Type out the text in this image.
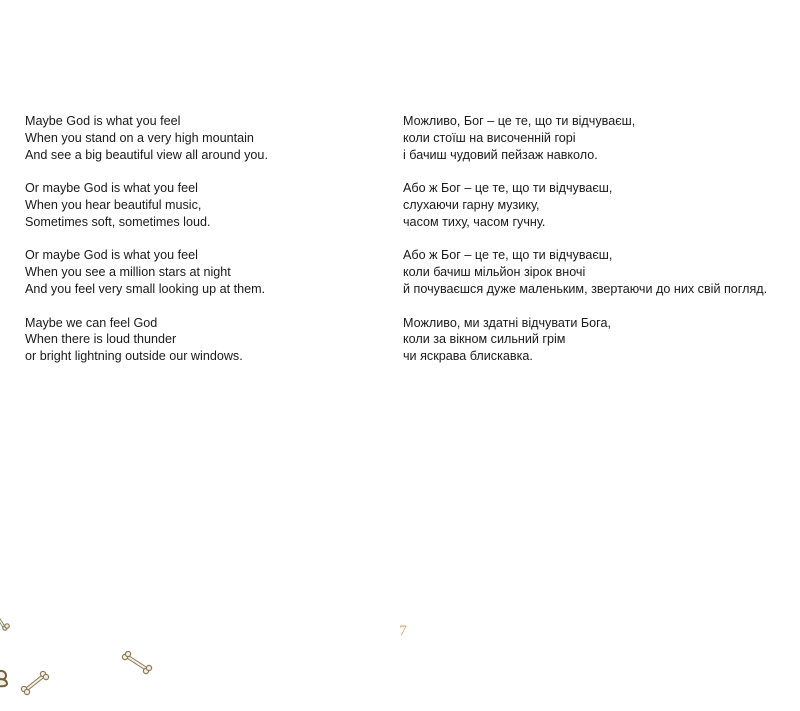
Maybe God is what you feel
When you stand on a very high mountain
And see a big beautiful view all around you.
Or maybe God is what you feel
When you hear beautiful music,
Sometimes soft, sometimes loud.
Or maybe God is what you feel
When you see a million stars at night
And you feel very small looking up at them.
Maybe we can feel God
When there is loud thunder
or bright lightning outside our windows.
Можливо, Бог – це те, що ти відчуваєш,
коли стоїш на височенній горі
і бачиш чудовий пейзаж навколо.
Або ж Бог – це те, що ти відчуваєш,
слухаючи гарну музику,
часом тиху, часом гучну.
Або ж Бог – це те, що ти відчуваєш,
коли бачиш мільйон зірок вночі
й почуваєшся дуже маленьким, звертаючи до них свій погляд.
Можливо, ми здатні відчувати Бога,
коли за вікном сильний грім
чи яскрава блискавка.
7
